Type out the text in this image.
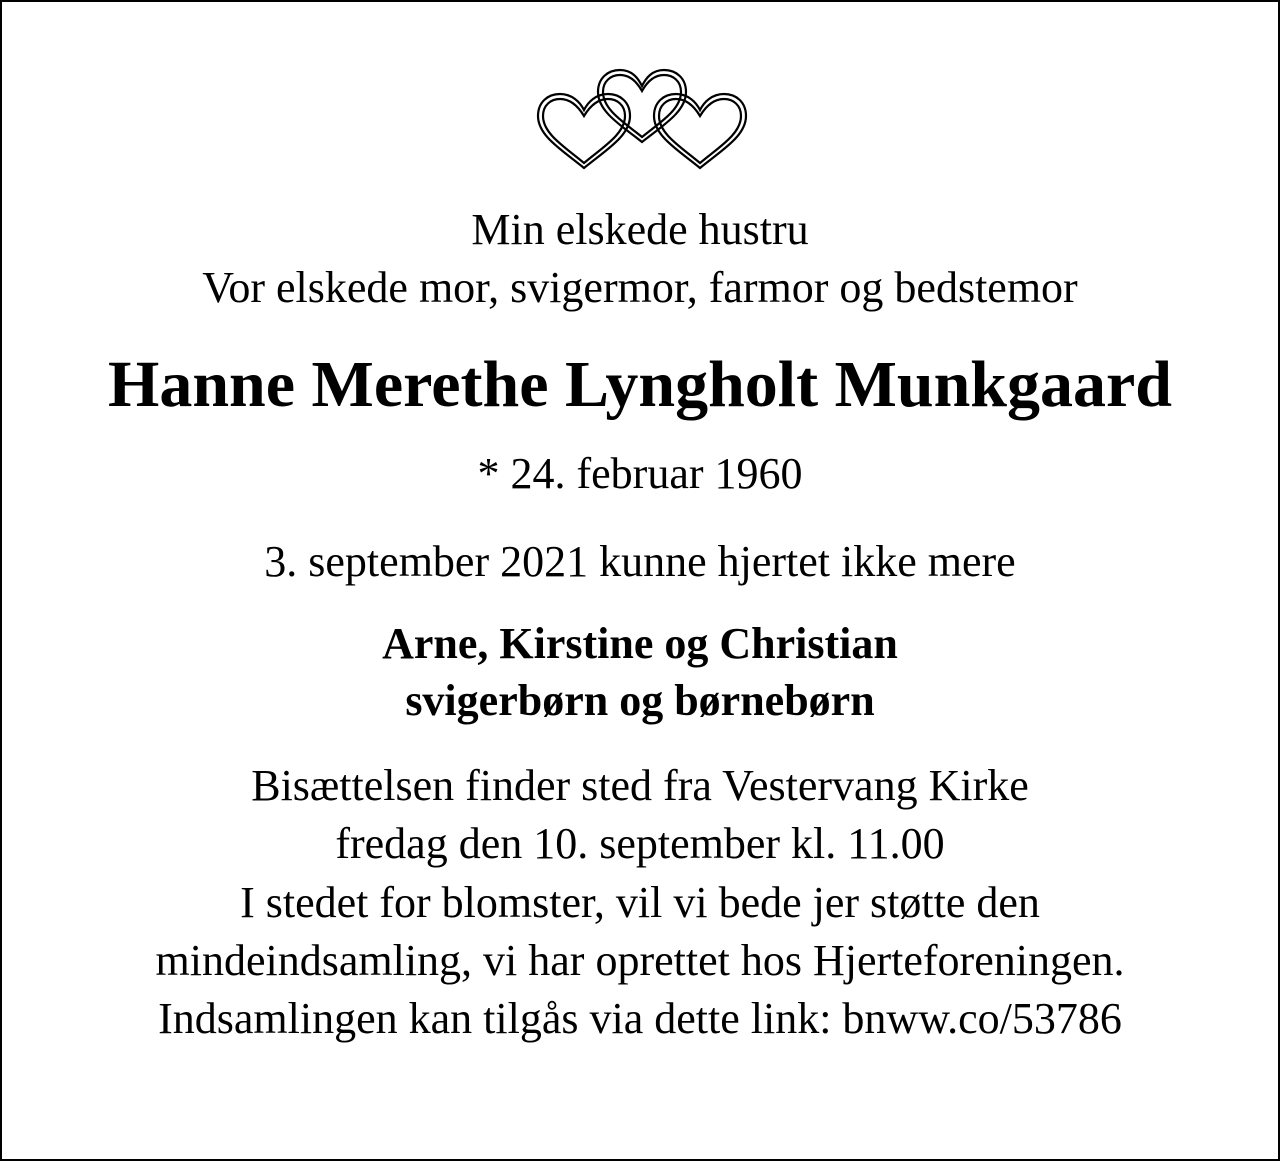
Min elskede hustru
Vor elskede mor, svigermor, farmor og bedstemor
Hanne Merethe Lyngholt Munkgaard
* 24. februar 1960
3. september 2021 kunne hjertet ikke mere
Arne, Kirstine og Christian
svigerbørn og børnebørn
Bisættelsen finder sted fra Vestervang Kirke
fredag den 10. september kl. 11.00
I stedet for blomster, vil vi bede jer støtte den
mindeindsamling, vi har oprettet hos Hjerteforeningen.
Indsamlingen kan tilgås via dette link: bnww.co/53786
